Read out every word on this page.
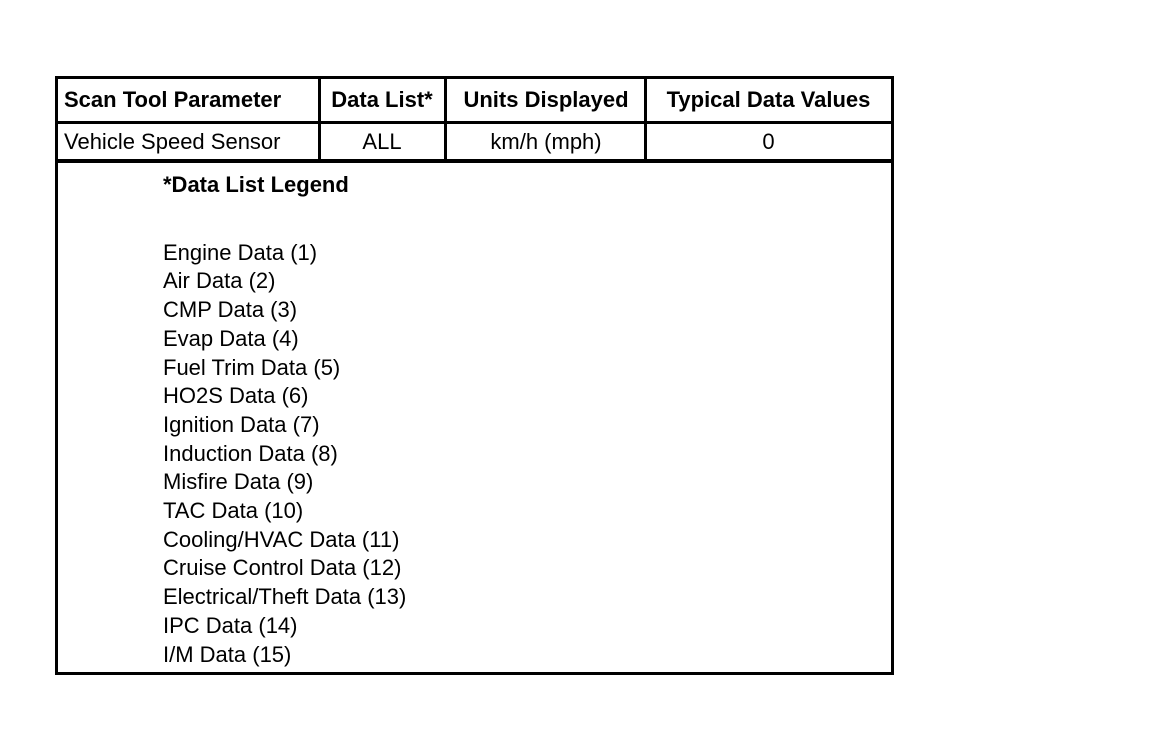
Scan Tool Parameter	Data List*	Units Displayed	Typical Data Values
Vehicle Speed Sensor	ALL	km/h (mph)	0
*Data List Legend
Engine Data (1)
Air Data (2)
CMP Data (3)
Evap Data (4)
Fuel Trim Data (5)
HO2S Data (6)
Ignition Data (7)
Induction Data (8)
Misfire Data (9)
TAC Data (10)
Cooling/HVAC Data (11)
Cruise Control Data (12)
Electrical/Theft Data (13)
IPC Data (14)
I/M Data (15)
